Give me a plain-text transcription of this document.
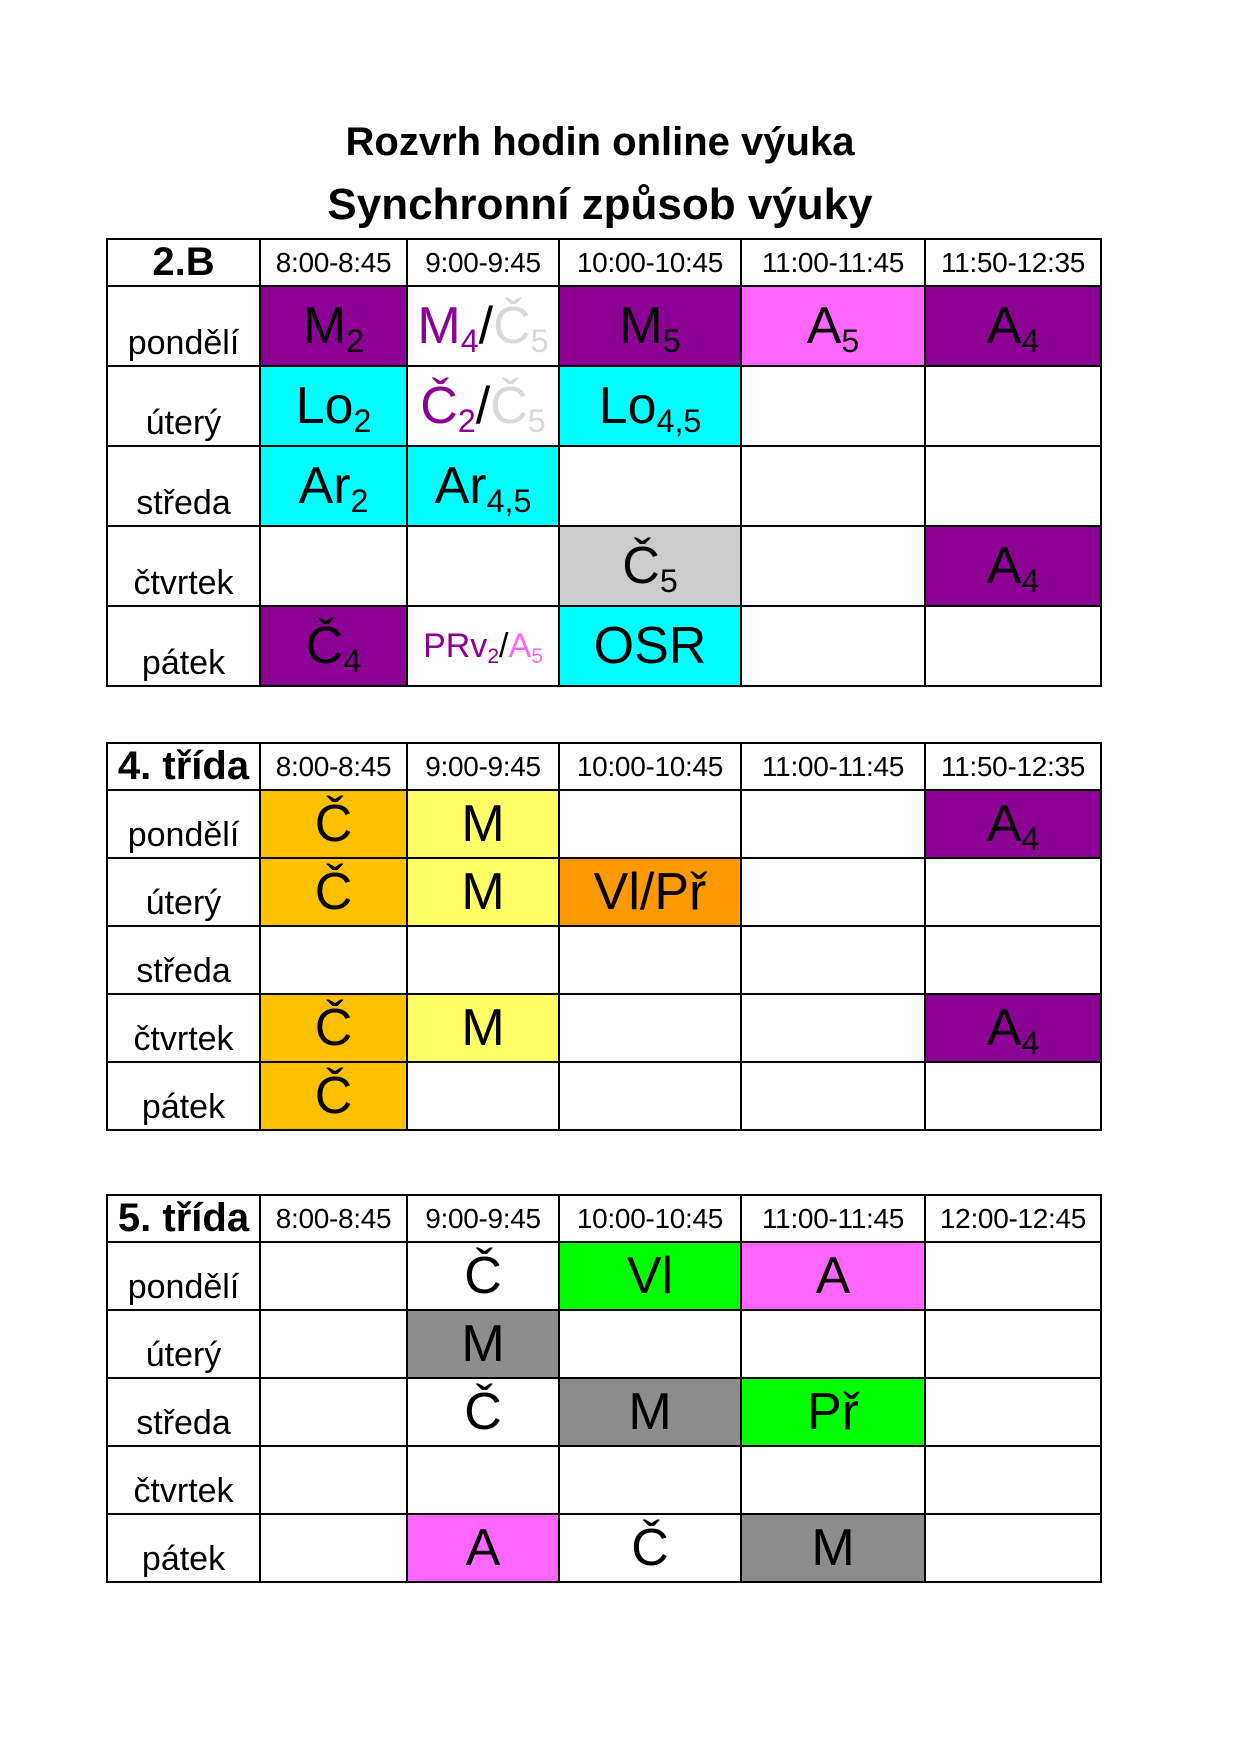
Rozvrh hodin online výuka
Synchronní způsob výuky
2.B	8:00-8:45	9:00-9:45	10:00-10:45	11:00-11:45	11:50-12:35
pondělí	$M_2$	$M_4/Č_5$	$M_5$	$A_5$	$A_4$
úterý	$Lo_2$	$Č_2/Č_5$	$Lo_{4,5}$		
středa	$Ar_2$	$Ar_{4,5}$			
čtvrtek			$Č_5$		$A_4$
pátek	$Č_4$	$PRv_2/A_5$	OSR		
4. třída	8:00-8:45	9:00-9:45	10:00-10:45	11:00-11:45	11:50-12:35
pondělí	Č	M			$A_4$
úterý	Č	M	Vl/Př		
středa					
čtvrtek	Č	M			$A_4$
pátek	Č				
5. třída	8:00-8:45	9:00-9:45	10:00-10:45	11:00-11:45	12:00-12:45
pondělí		Č	Vl	A	
úterý		M			
středa		Č	M	Př	
čtvrtek					
pátek		A	Č	M	
